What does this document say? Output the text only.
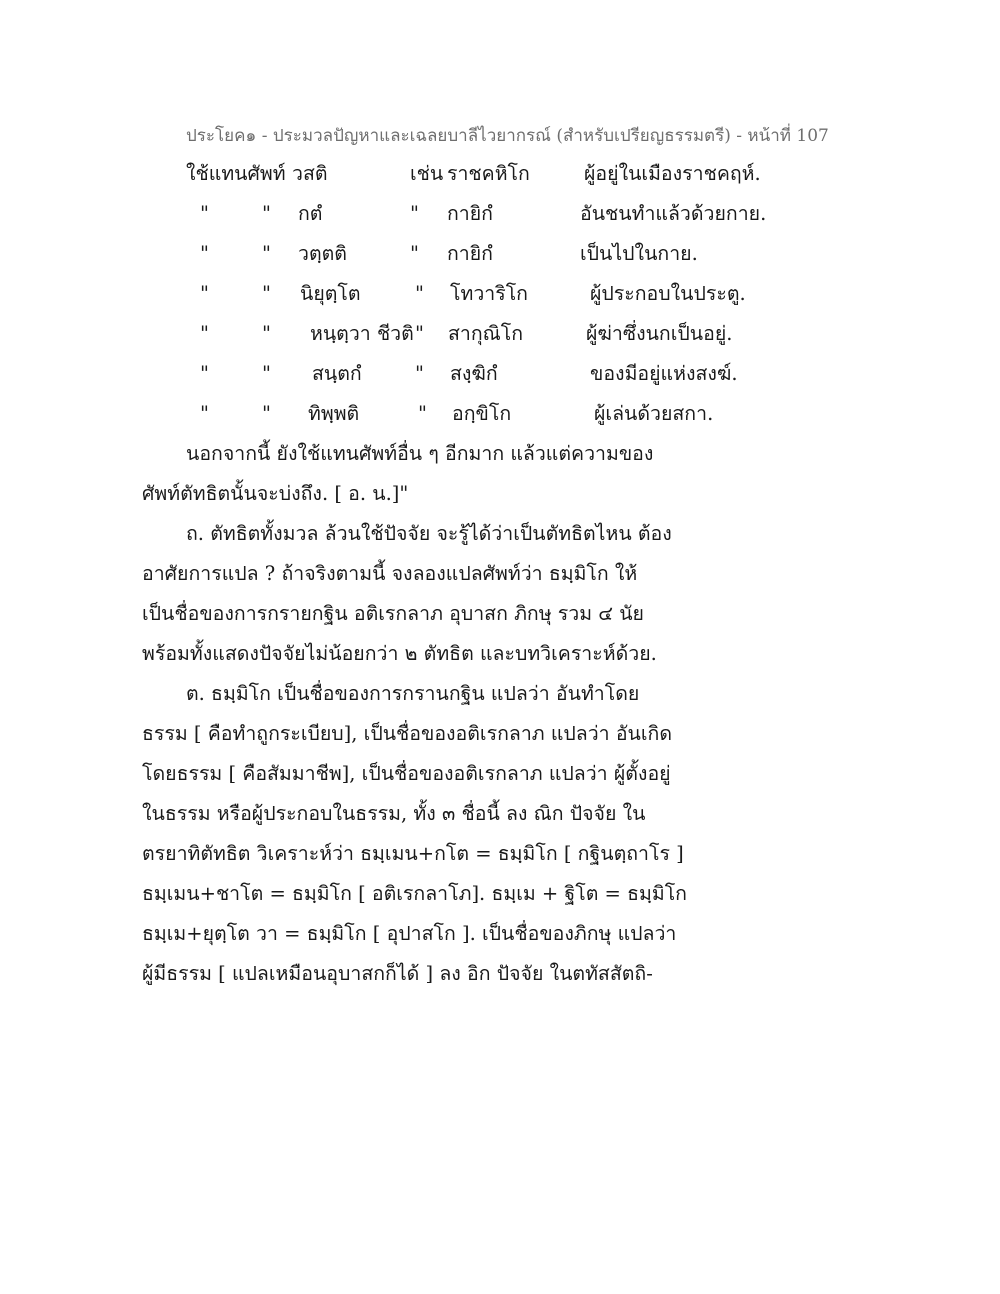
ประโยค๑ - ประมวลปัญหาและเฉลยบาลีไวยากรณ์ (สำหรับเปรียญธรรมตรี) - หน้าที่ 107
ใช้แทนศัพท์ วสติ	เช่น ราชคหิโก	ผู้อยู่ในเมืองราชคฤห์.
"	" กตํ	" กายิกํ	อันชนทำแล้วด้วยกาย.
"	" วตฺตติ	" กายิกํ	เป็นไปในกาย.
"	" นิยุตฺโต	" โทวาริโก	ผู้ประกอบในประตู.
"	" หนฺตฺวา ชีวติ " สากุณิโก	ผู้ฆ่าซึ่งนกเป็นอยู่.
"	" สนฺตกํ	" สงฺฆิกํ	ของมีอยู่แห่งสงฆ์.
"	" ทิพฺพติ	" อกฺขิโก	ผู้เล่นด้วยสกา.
นอกจากนี้ ยังใช้แทนศัพท์อื่น ๆ อีกมาก แล้วแต่ความของ
ศัพท์ตัทธิตนั้นจะบ่งถึง. [ อ. น.]"
ถ. ตัทธิตทั้งมวล ล้วนใช้ปัจจัย จะรู้ได้ว่าเป็นตัทธิตไหน ต้อง
อาศัยการแปล ? ถ้าจริงตามนี้ จงลองแปลศัพท์ว่า ธมฺมิโก ให้
เป็นชื่อของการกรายกฐิน อติเรกลาภ อุบาสก ภิกษุ รวม ๔ นัย
พร้อมทั้งแสดงปัจจัยไม่น้อยกว่า ๒ ตัทธิต และบทวิเคราะห์ด้วย.
ต. ธมฺมิโก เป็นชื่อของการกรานกฐิน แปลว่า อันทำโดย
ธรรม [ คือทำถูกระเบียบ], เป็นชื่อของอติเรกลาภ แปลว่า อันเกิด
โดยธรรม [ คือสัมมาชีพ], เป็นชื่อของอติเรกลาภ แปลว่า ผู้ตั้งอยู่
ในธรรม หรือผู้ประกอบในธรรม, ทั้ง ๓ ชื่อนี้ ลง ณิก ปัจจัย ใน
ตรยาทิตัทธิต วิเคราะห์ว่า ธมฺเมน+กโต = ธมฺมิโก [ กฐินตฺถาโร ]
ธมฺเมน+ชาโต = ธมฺมิโก [ อติเรกลาโภ]. ธมฺเม + ฐิโต = ธมฺมิโก
ธมฺเม+ยุตฺโต วา = ธมฺมิโก [ อุปาสโก ]. เป็นชื่อของภิกษุ แปลว่า
ผู้มีธรรม [ แปลเหมือนอุบาสกก็ได้ ] ลง อิก ปัจจัย ในตทัสสัตถิ-
